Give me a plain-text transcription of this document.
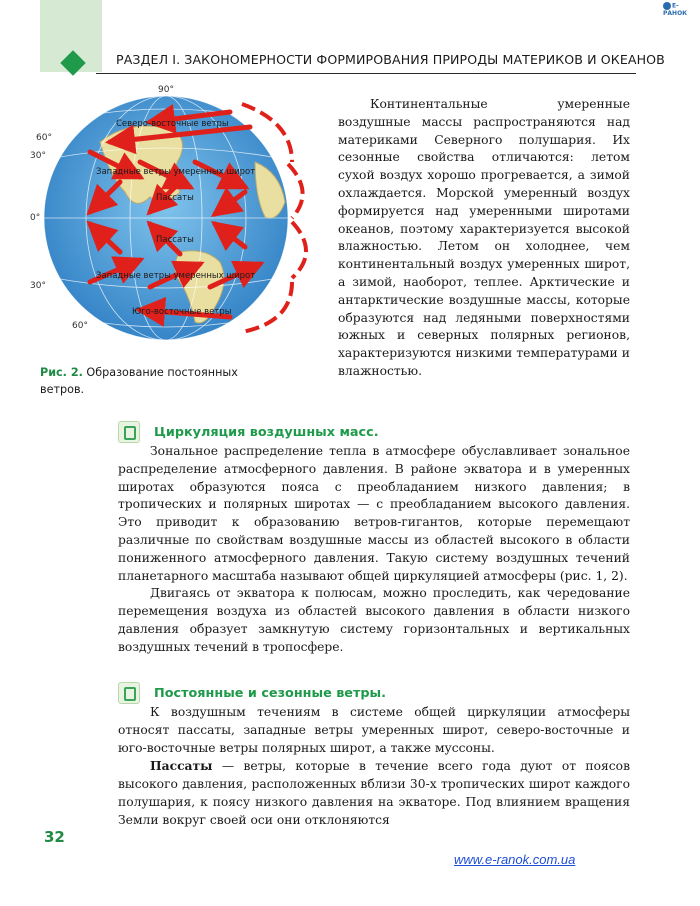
РАЗДЕЛ I. ЗАКОНОМЕРНОСТИ ФОРМИРОВАНИЯ ПРИРОДЫ МАТЕРИКОВ И ОКЕАНОВ
Е-РАНОК
90°
60°
30°
0°
30°
60°
Северо-восточные ветры
Западные ветры умеренных широт
Пассаты
Пассаты
Западные ветры умеренных широт
Юго-восточные ветры
Рис. 2. Образование постоянных ветров.

Континентальные умеренные воздушные массы распространяются над материками Северного полушария. Их сезонные свойства отличаются: летом сухой воздух хорошо прогревается, а зимой охлаждается. Морской умеренный воздух формируется над умеренными широтами океанов, поэтому характеризуется высокой влажностью. Летом он холоднее, чем континентальный воздух умеренных широт, а зимой, наоборот, теплее. Арктические и антарктические воздушные массы, которые образуются над ледяными поверхностями южных и северных полярных регионов, характеризуются низкими температурами и влажностью.

Циркуляция воздушных масс.

Зональное распределение тепла в атмосфере обуславливает зональное распределение атмосферного давления. В районе экватора и в умеренных широтах образуются пояса с преобладанием низкого давления; в тропических и полярных широтах — с преобладанием высокого давления. Это приводит к образованию ветров-гигантов, которые перемещают различные по свойствам воздушные массы из областей высокого в области пониженного атмосферного давления. Такую систему воздушных течений планетарного масштаба называют общей циркуляцией атмосферы (рис. 1, 2).

Двигаясь от экватора к полюсам, можно проследить, как чередование перемещения воздуха из областей высокого давления в области низкого давления образует замкнутую систему горизонтальных и вертикальных воздушных течений в тропосфере.

Постоянные и сезонные ветры.

К воздушным течениям в системе общей циркуляции атмосферы относят пассаты, западные ветры умеренных широт, северо-восточные и юго-восточные ветры полярных широт, а также муссоны.

Пассаты — ветры, которые в течение всего года дуют от поясов высокого давления, расположенных вблизи 30-х тропических широт каждого полушария, к поясу низкого давления на экваторе. Под влиянием вращения Земли вокруг своей оси они отклоняются

32
www.e-ranok.com.ua
